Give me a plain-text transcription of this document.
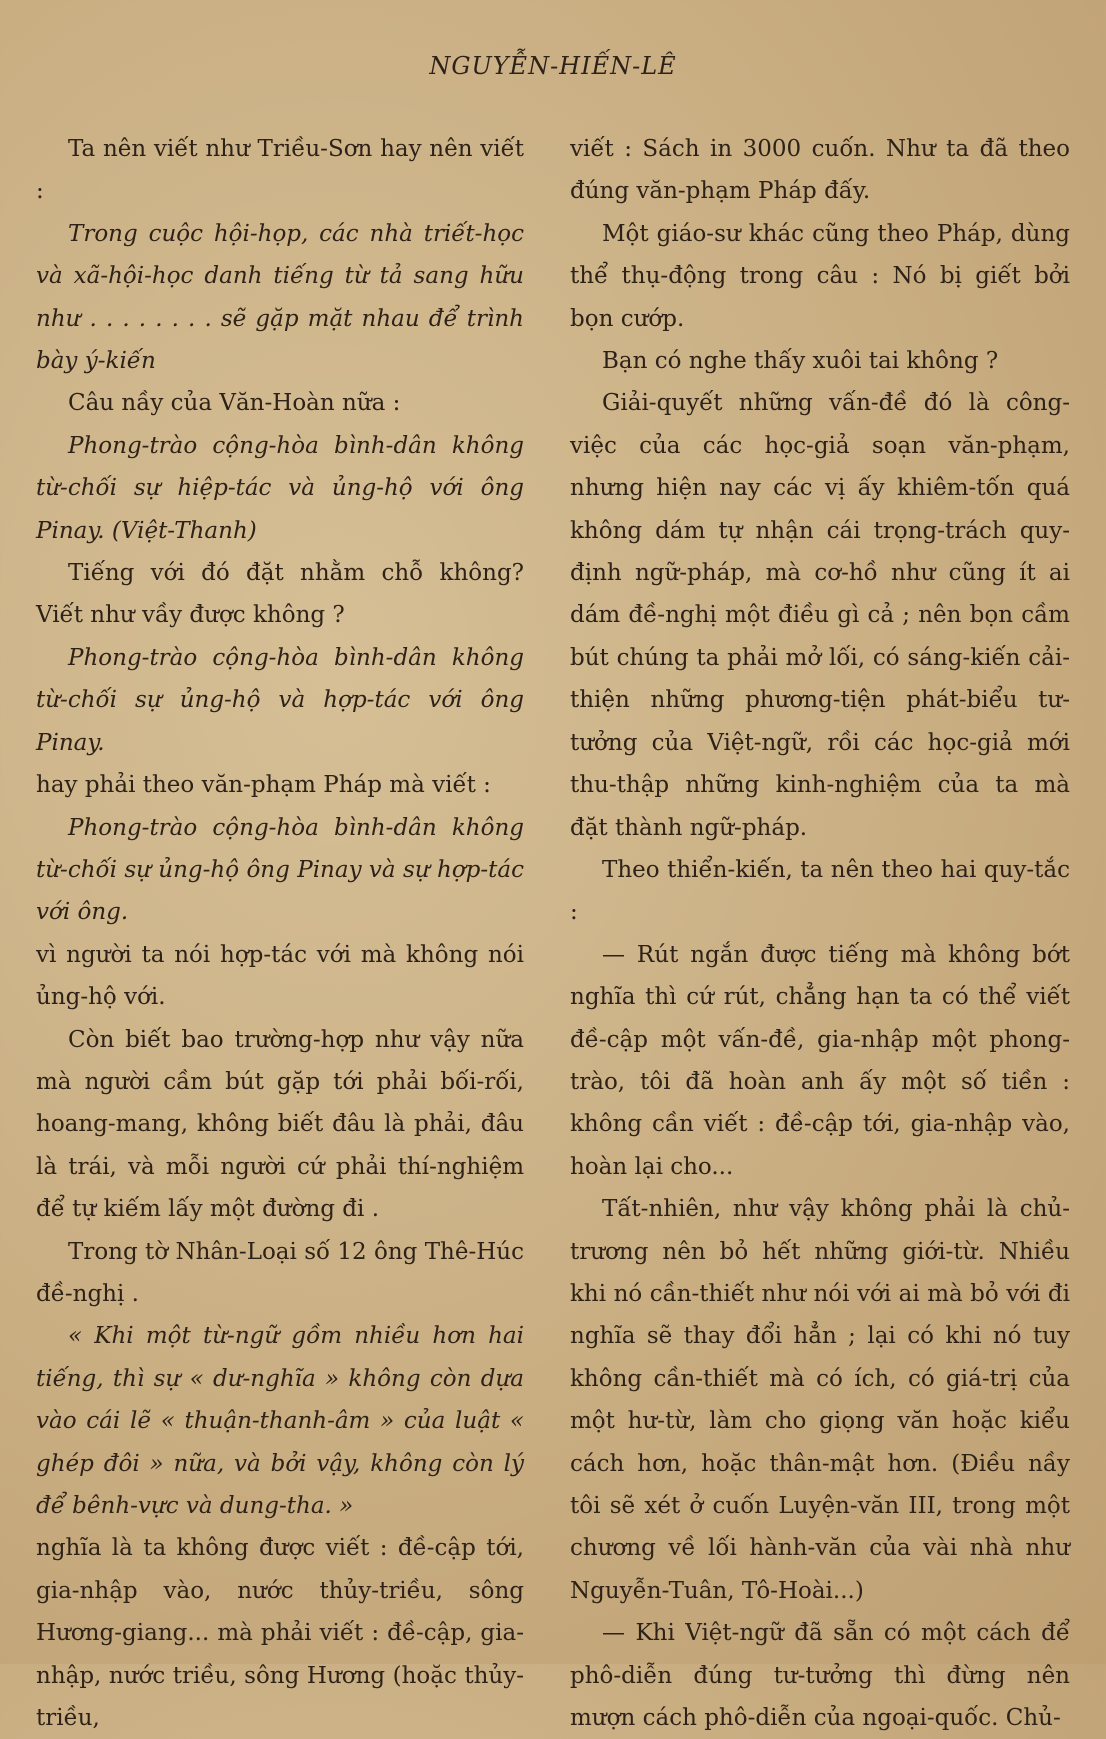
NGUYỄN-HIẾN-LÊ

Ta nên viết như Triều-Sơn hay nên viết :

Trong cuộc hội-họp, các nhà triết-học và xã-hội-học danh tiếng từ tả sang hữu như . . . . . . . . sẽ gặp mặt nhau để trình bày ý-kiến

Câu nầy của Văn-Hoàn nữa :

Phong-trào cộng-hòa bình-dân không từ-chối sự hiệp-tác và ủng-hộ với ông Pinay. (Việt-Thanh)

Tiếng với đó đặt nhằm chỗ không? Viết như vầy được không ?

Phong-trào cộng-hòa bình-dân không từ-chối sự ủng-hộ và hợp-tác với ông Pinay.

hay phải theo văn-phạm Pháp mà viết :

Phong-trào cộng-hòa bình-dân không từ-chối sự ủng-hộ ông Pinay và sự hợp-tác với ông.

vì người ta nói hợp-tác với mà không nói ủng-hộ với.

Còn biết bao trường-hợp như vậy nữa mà người cầm bút gặp tới phải bối-rối, hoang-mang, không biết đâu là phải, đâu là trái, và mỗi người cứ phải thí-nghiệm để tự kiếm lấy một đường đi .

Trong tờ Nhân-Loại số 12 ông Thê-Húc đề-nghị .

« Khi một từ-ngữ gồm nhiều hơn hai tiếng, thì sự « dư-nghĩa » không còn dựa vào cái lẽ « thuận-thanh-âm » của luật « ghép đôi » nữa, và bởi vậy, không còn lý để bênh-vực và dung-tha. »

nghĩa là ta không được viết : đề-cập tới, gia-nhập vào, nước thủy-triều, sông Hương-giang... mà phải viết : đề-cập, gia-nhập, nước triều, sông Hương (hoặc thủy-triều,

viết : Sách in 3000 cuốn. Như ta đã theo đúng văn-phạm Pháp đấy.

Một giáo-sư khác cũng theo Pháp, dùng thể thụ-động trong câu : Nó bị giết bởi bọn cướp.

Bạn có nghe thấy xuôi tai không ?

Giải-quyết những vấn-đề đó là công-việc của các học-giả soạn văn-phạm, nhưng hiện nay các vị ấy khiêm-tốn quá không dám tự nhận cái trọng-trách quy-định ngữ-pháp, mà cơ-hồ như cũng ít ai dám đề-nghị một điều gì cả ; nên bọn cầm bút chúng ta phải mở lối, có sáng-kiến cải-thiện những phương-tiện phát-biểu tư-tưởng của Việt-ngữ, rồi các học-giả mới thu-thập những kinh-nghiệm của ta mà đặt thành ngữ-pháp.

Theo thiển-kiến, ta nên theo hai quy-tắc :

— Rút ngắn được tiếng mà không bớt nghĩa thì cứ rút, chẳng hạn ta có thể viết đề-cập một vấn-đề, gia-nhập một phong-trào, tôi đã hoàn anh ấy một số tiền : không cần viết : đề-cập tới, gia-nhập vào, hoàn lại cho...

Tất-nhiên, như vậy không phải là chủ-trương nên bỏ hết những giới-từ. Nhiều khi nó cần-thiết như nói với ai mà bỏ với đi nghĩa sẽ thay đổi hẳn ; lại có khi nó tuy không cần-thiết mà có ích, có giá-trị của một hư-từ, làm cho giọng văn hoặc kiểu cách hơn, hoặc thân-mật hơn. (Điều nầy tôi sẽ xét ở cuốn Luyện-văn III, trong một chương về lối hành-văn của vài nhà như Nguyễn-Tuân, Tô-Hoài...)

— Khi Việt-ngữ đã sẵn có một cách để phô-diễn đúng tư-tưởng thì đừng nên mượn cách phô-diễn của ngoại-quốc. Chủ-
